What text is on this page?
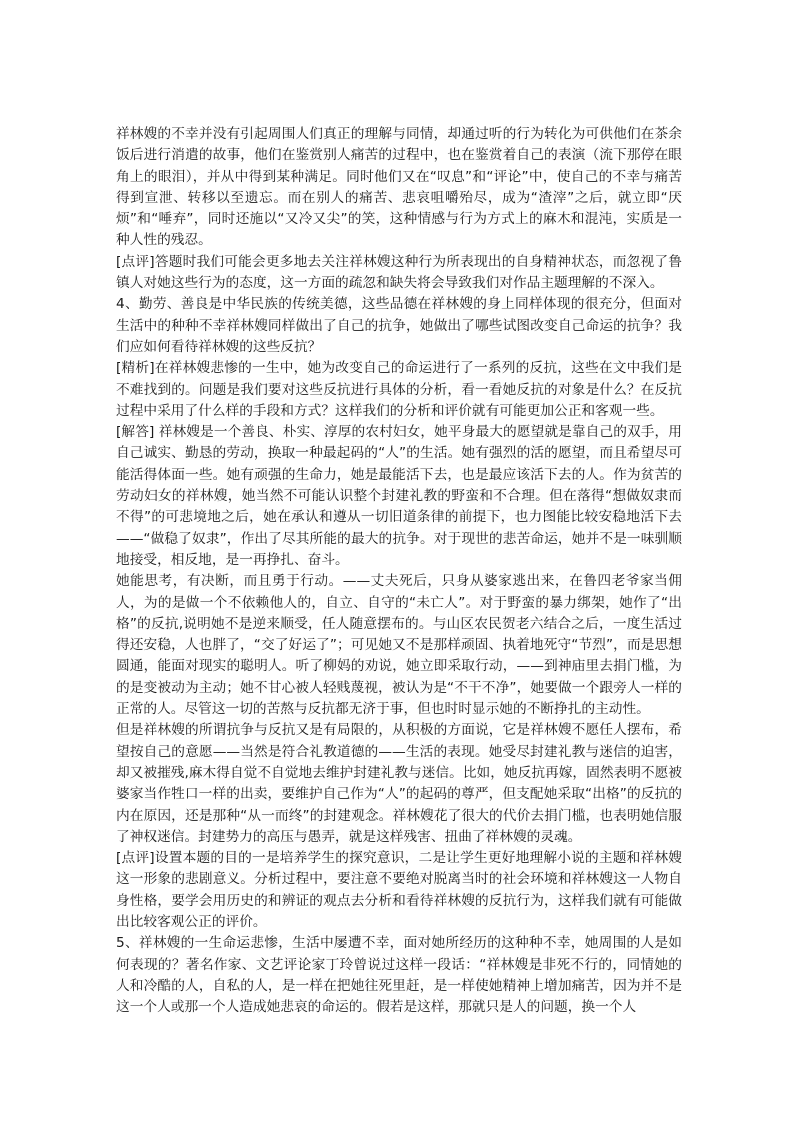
祥林嫂的不幸并没有引起周围人们真正的理解与同情，却通过听的行为转化为可供他们在茶余饭后进行消遣的故事，他们在鉴赏别人痛苦的过程中，也在鉴赏着自己的表演（流下那停在眼角上的眼泪），并从中得到某种满足。同时他们又在“叹息”和“评论”中，使自己的不幸与痛苦得到宣泄、转移以至遗忘。而在别人的痛苦、悲哀咀嚼殆尽，成为“渣滓”之后，就立即“厌烦”和“唾弃”，同时还施以“又冷又尖”的笑，这种情感与行为方式上的麻木和混沌，实质是一种人性的残忍。

[点评]答题时我们可能会更多地去关注祥林嫂这种行为所表现出的自身精神状态，而忽视了鲁镇人对她这些行为的态度，这一方面的疏忽和缺失将会导致我们对作品主题理解的不深入。

4、勤劳、善良是中华民族的传统美德，这些品德在祥林嫂的身上同样体现的很充分，但面对生活中的种种不幸祥林嫂同样做出了自己的抗争，她做出了哪些试图改变自己命运的抗争？我们应如何看待祥林嫂的这些反抗？

[精析]在祥林嫂悲惨的一生中，她为改变自己的命运进行了一系列的反抗，这些在文中我们是不难找到的。问题是我们要对这些反抗进行具体的分析，看一看她反抗的对象是什么？在反抗过程中采用了什么样的手段和方式？这样我们的分析和评价就有可能更加公正和客观一些。

[解答] 祥林嫂是一个善良、朴实、淳厚的农村妇女，她平身最大的愿望就是靠自己的双手，用自己诚实、勤恳的劳动，换取一种最起码的“人”的生活。她有强烈的活的愿望，而且希望尽可能活得体面一些。她有顽强的生命力，她是最能活下去，也是最应该活下去的人。作为贫苦的劳动妇女的祥林嫂，她当然不可能认识整个封建礼教的野蛮和不合理。但在落得“想做奴隶而不得”的可悲境地之后，她在承认和遵从一切旧道条律的前提下，也力图能比较安稳地活下去——“做稳了奴隶”，作出了尽其所能的最大的抗争。对于现世的悲苦命运，她并不是一味驯顺地接受，相反地，是一再挣扎、奋斗。

她能思考，有决断，而且勇于行动。——丈夫死后，只身从婆家逃出来，在鲁四老爷家当佣人，为的是做一个不依赖他人的，自立、自守的“未亡人”。对于野蛮的暴力绑架，她作了“出格”的反抗,说明她不是逆来顺受，任人随意摆布的。与山区农民贺老六结合之后，一度生活过得还安稳，人也胖了，“交了好运了”；可见她又不是那样顽固、执着地死守“节烈”，而是思想圆通，能面对现实的聪明人。听了柳妈的劝说，她立即采取行动，——到神庙里去捐门槛，为的是变被动为主动；她不甘心被人轻贱蔑视，被认为是“不干不净”，她要做一个跟旁人一样的正常的人。尽管这一切的苦熬与反抗都无济于事，但也时时显示她的不断挣扎的主动性。

但是祥林嫂的所谓抗争与反抗又是有局限的，从积极的方面说，它是祥林嫂不愿任人摆布，希望按自己的意愿——当然是符合礼教道德的——生活的表现。她受尽封建礼教与迷信的迫害，却又被摧残,麻木得自觉不自觉地去维护封建礼教与迷信。比如，她反抗再嫁，固然表明不愿被婆家当作牲口一样的出卖，要维护自己作为“人”的起码的尊严，但支配她采取“出格”的反抗的内在原因，还是那种“从一而终”的封建观念。祥林嫂花了很大的代价去捐门槛，也表明她信服了神权迷信。封建势力的高压与愚弄，就是这样残害、扭曲了祥林嫂的灵魂。

[点评]设置本题的目的一是培养学生的探究意识，二是让学生更好地理解小说的主题和祥林嫂这一形象的悲剧意义。分析过程中，要注意不要绝对脱离当时的社会环境和祥林嫂这一人物自身性格，要学会用历史的和辨证的观点去分析和看待祥林嫂的反抗行为，这样我们就有可能做出比较客观公正的评价。

5、祥林嫂的一生命运悲惨，生活中屡遭不幸，面对她所经历的这种种不幸，她周围的人是如何表现的？著名作家、文艺评论家丁玲曾说过这样一段话：“祥林嫂是非死不行的，同情她的人和冷酷的人，自私的人，是一样在把她往死里赶，是一样使她精神上增加痛苦，因为并不是这一个人或那一个人造成她悲哀的命运的。假若是这样，那就只是人的问题，换一个人
